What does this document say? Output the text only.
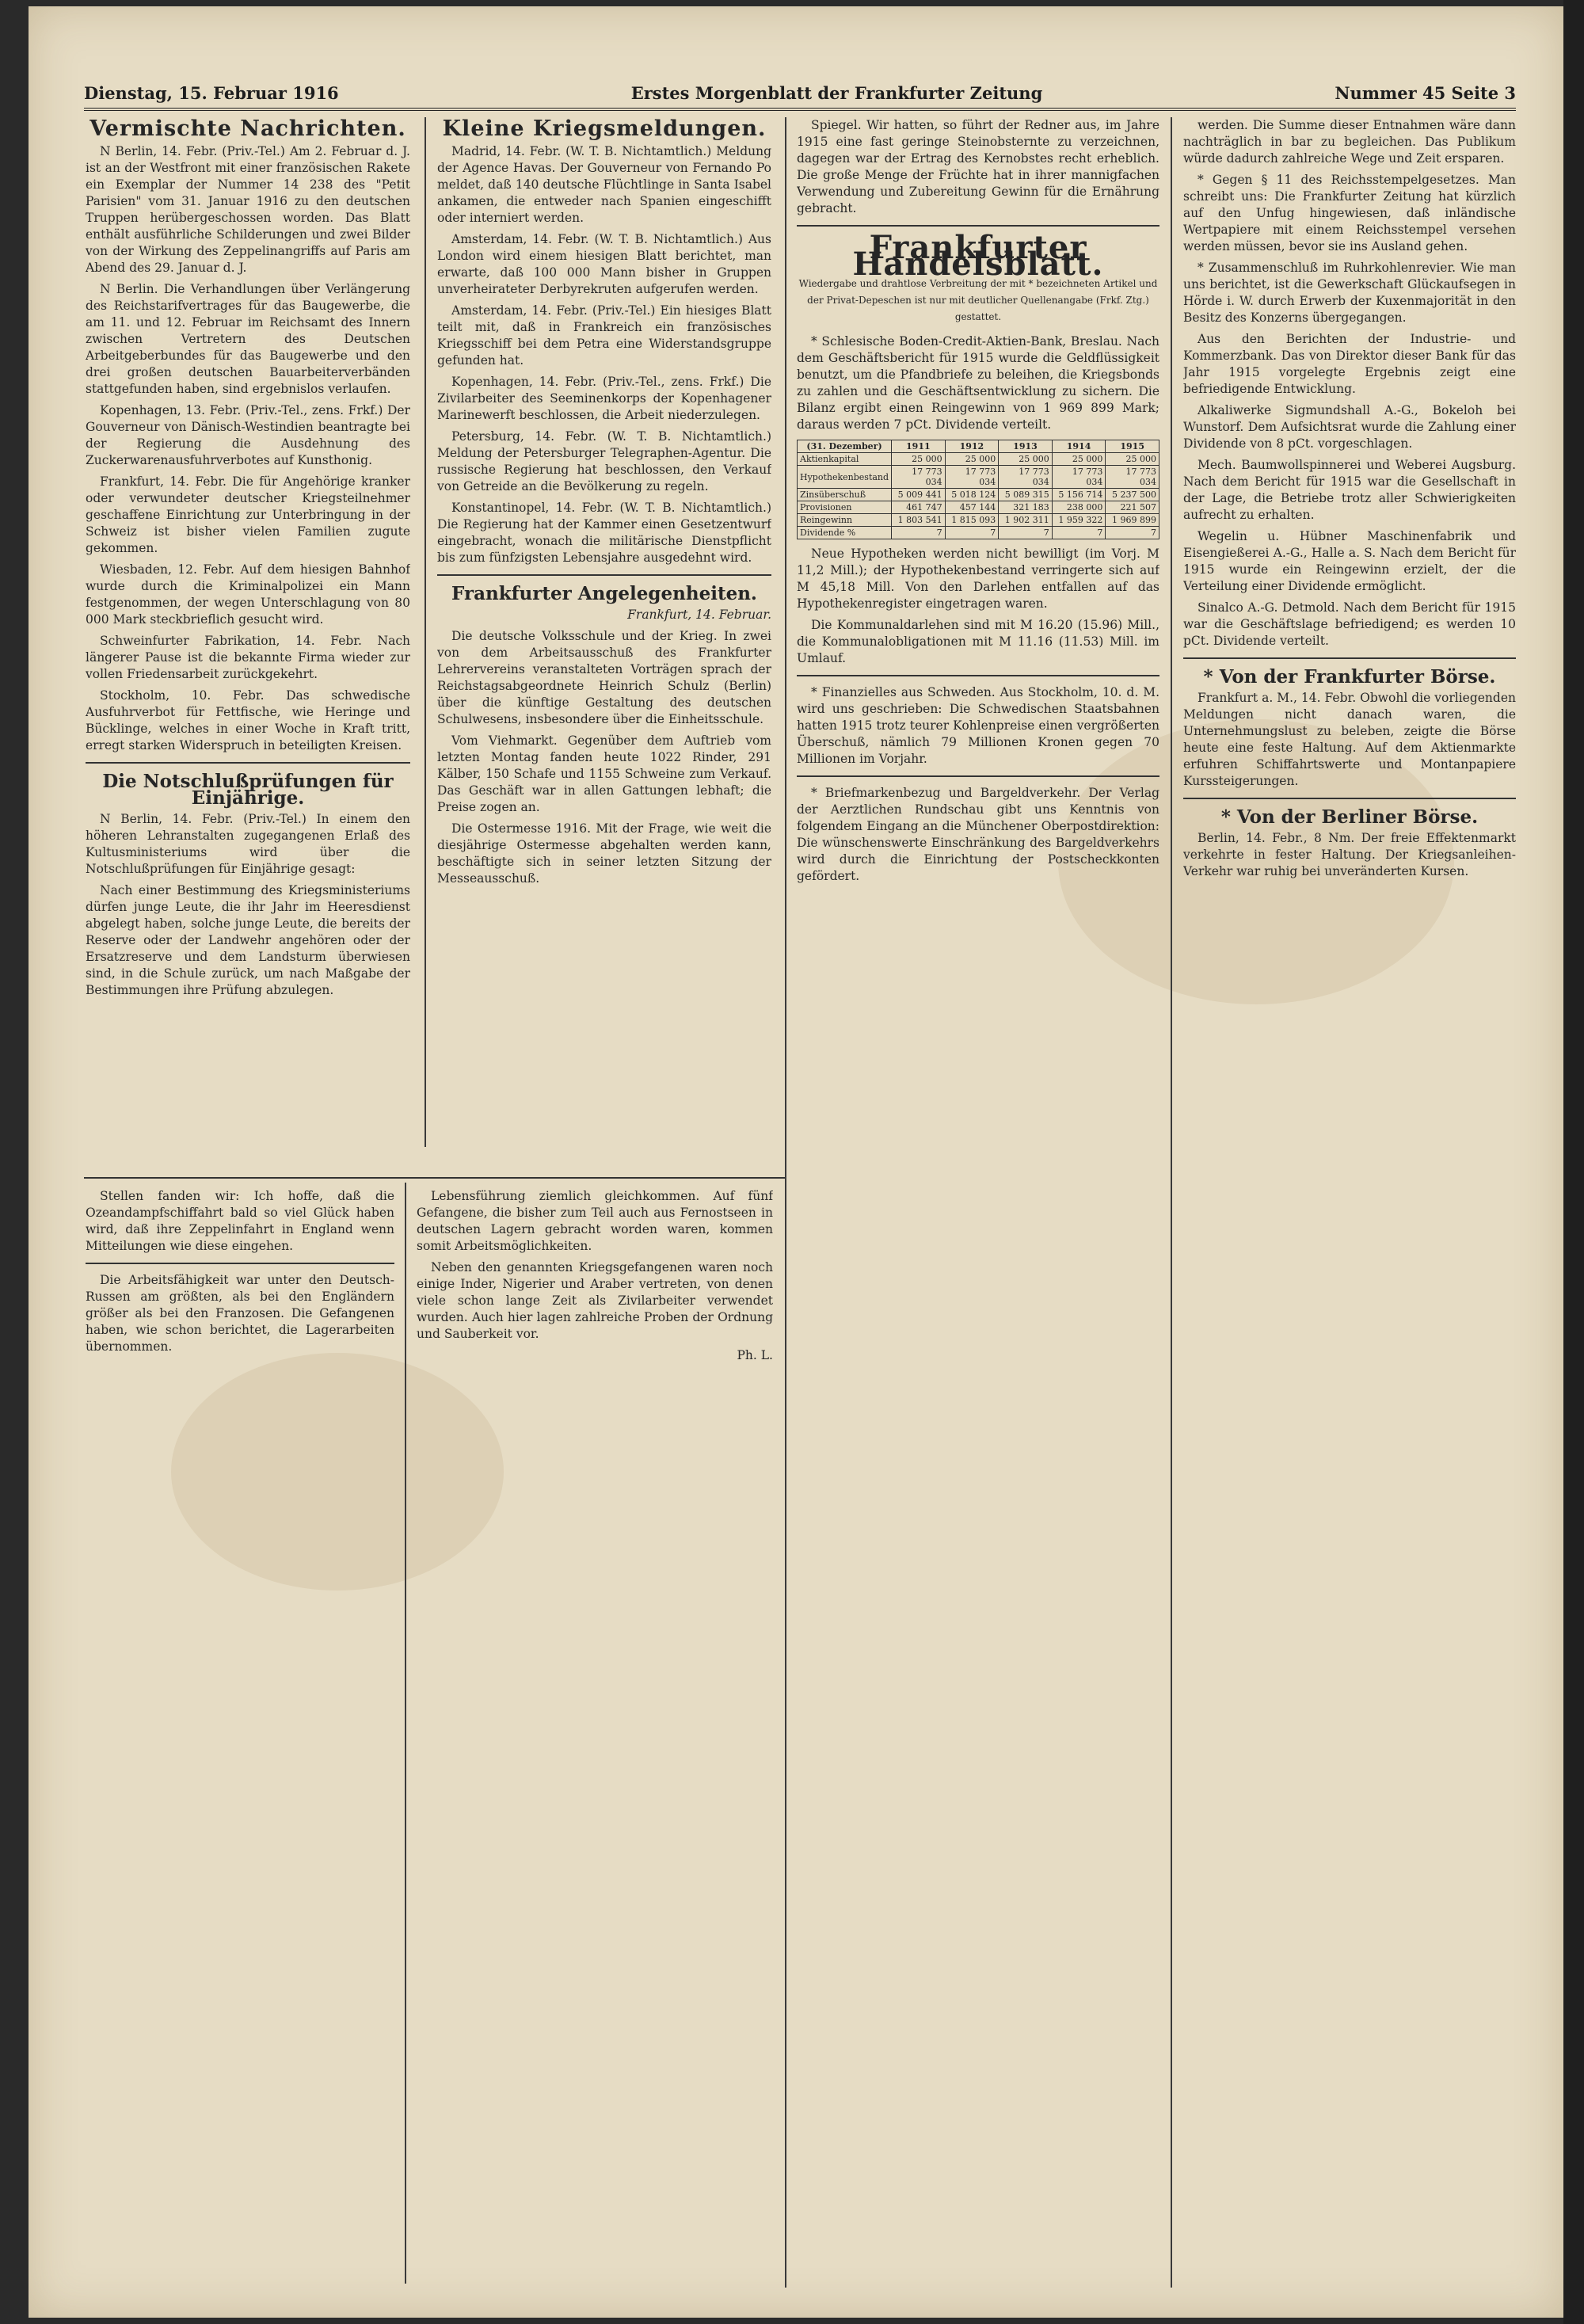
Dienstag, 15. Februar 1916	Erstes Morgenblatt der Frankfurter Zeitung	Nummer 45 Seite 3
Vermischte Nachrichten.

N Berlin, 14. Febr. (Priv.-Tel.) Am 2. Februar d. J. ist an der Westfront mit einer französischen Rakete ein Exemplar der Nummer 14 238 des "Petit Parisien" vom 31. Januar 1916 zu den deutschen Truppen herübergeschossen worden. Das Blatt enthält ausführliche Schilderungen und zwei Bilder von der Wirkung des Zeppelinangriffs auf Paris am Abend des 29. Januar d. J.

N Berlin. Die Verhandlungen über Verlängerung des Reichstarifvertrages für das Baugewerbe, die am 11. und 12. Februar im Reichsamt des Innern zwischen Vertretern des Deutschen Arbeitgeberbundes für das Baugewerbe und den drei großen deutschen Bauarbeiterverbänden stattgefunden haben, sind ergebnislos verlaufen.

Kopenhagen, 13. Febr. (Priv.-Tel., zens. Frkf.) Der Gouverneur von Dänisch-Westindien beantragte bei der Regierung die Ausdehnung des Zuckerwarenausfuhrverbotes auf Kunsthonig.

Frankfurt, 14. Febr. Die für Angehörige kranker oder verwundeter deutscher Kriegsteilnehmer geschaffene Einrichtung zur Unterbringung in der Schweiz ist bisher vielen Familien zugute gekommen.

Wiesbaden, 12. Febr. Auf dem hiesigen Bahnhof wurde durch die Kriminalpolizei ein Mann festgenommen, der wegen Unterschlagung von 80 000 Mark steckbrieflich gesucht wird.

Schweinfurter Fabrikation, 14. Febr. Nach längerer Pause ist die bekannte Firma wieder zur vollen Friedensarbeit zurückgekehrt.

Stockholm, 10. Febr. Das schwedische Ausfuhrverbot für Fettfische, wie Heringe und Bücklinge, welches in einer Woche in Kraft tritt, erregt starken Widerspruch in beteiligten Kreisen.

Die Notschlußprüfungen für Einjährige.

N Berlin, 14. Febr. (Priv.-Tel.) In einem den höheren Lehranstalten zugegangenen Erlaß des Kultusministeriums wird über die Notschlußprüfungen für Einjährige gesagt:

Nach einer Bestimmung des Kriegsministeriums dürfen junge Leute, die ihr Jahr im Heeresdienst abgelegt haben, solche junge Leute, die bereits der Reserve oder der Landwehr angehören oder der Ersatzreserve und dem Landsturm überwiesen sind, in die Schule zurück, um nach Maßgabe der Bestimmungen ihre Prüfung abzulegen.

Kleine Kriegsmeldungen.

Madrid, 14. Febr. (W. T. B. Nichtamtlich.) Meldung der Agence Havas. Der Gouverneur von Fernando Po meldet, daß 140 deutsche Flüchtlinge in Santa Isabel ankamen, die entweder nach Spanien eingeschifft oder interniert werden.

Amsterdam, 14. Febr. (W. T. B. Nichtamtlich.) Aus London wird einem hiesigen Blatt berichtet, man erwarte, daß 100 000 Mann bisher in Gruppen unverheirateter Derbyrekruten aufgerufen werden.

Amsterdam, 14. Febr. (Priv.-Tel.) Ein hiesiges Blatt teilt mit, daß in Frankreich ein französisches Kriegsschiff bei dem Petra eine Widerstandsgruppe gefunden hat.

Kopenhagen, 14. Febr. (Priv.-Tel., zens. Frkf.) Die Zivilarbeiter des Seeminenkorps der Kopenhagener Marinewerft beschlossen, die Arbeit niederzulegen.

Petersburg, 14. Febr. (W. T. B. Nichtamtlich.) Meldung der Petersburger Telegraphen-Agentur. Die russische Regierung hat beschlossen, den Verkauf von Getreide an die Bevölkerung zu regeln.

Konstantinopel, 14. Febr. (W. T. B. Nichtamtlich.) Die Regierung hat der Kammer einen Gesetzentwurf eingebracht, wonach die militärische Dienstpflicht bis zum fünfzigsten Lebensjahre ausgedehnt wird.

Frankfurter Angelegenheiten.

Frankfurt, 14. Februar.

Die deutsche Volksschule und der Krieg. In zwei von dem Arbeitsausschuß des Frankfurter Lehrervereins veranstalteten Vorträgen sprach der Reichstagsabgeordnete Heinrich Schulz (Berlin) über die künftige Gestaltung des deutschen Schulwesens, insbesondere über die Einheitsschule.

Vom Viehmarkt. Gegenüber dem Auftrieb vom letzten Montag fanden heute 1022 Rinder, 291 Kälber, 150 Schafe und 1155 Schweine zum Verkauf. Das Geschäft war in allen Gattungen lebhaft; die Preise zogen an.

Die Ostermesse 1916. Mit der Frage, wie weit die diesjährige Ostermesse abgehalten werden kann, beschäftigte sich in seiner letzten Sitzung der Messeausschuß.

Stellen fanden wir: Ich hoffe, daß die Ozeandampfschiffahrt bald so viel Glück haben wird, daß ihre Zeppelinfahrt in England wenn Mitteilungen wie diese eingehen.

Die Arbeitsfähigkeit war unter den Deutsch-Russen am größten, als bei den Engländern größer als bei den Franzosen. Die Gefangenen haben, wie schon berichtet, die Lagerarbeiten übernommen.

Lebensführung ziemlich gleichkommen. Auf fünf Gefangene, die bisher zum Teil auch aus Fernostseen in deutschen Lagern gebracht worden waren, kommen somit Arbeitsmöglichkeiten.

Neben den genannten Kriegsgefangenen waren noch einige Inder, Nigerier und Araber vertreten, von denen viele schon lange Zeit als Zivilarbeiter verwendet wurden. Auch hier lagen zahlreiche Proben der Ordnung und Sauberkeit vor.

Ph. L.

Spiegel. Wir hatten, so führt der Redner aus, im Jahre 1915 eine fast geringe Steinobsternte zu verzeichnen, dagegen war der Ertrag des Kernobstes recht erheblich. Die große Menge der Früchte hat in ihrer mannigfachen Verwendung und Zubereitung Gewinn für die Ernährung gebracht.

Frankfurter Handelsblatt.
Wiedergabe und drahtlose Verbreitung der mit * bezeichneten Artikel und der Privat-Depeschen ist nur mit deutlicher Quellenangabe (Frkf. Ztg.) gestattet.

* Schlesische Boden-Credit-Aktien-Bank, Breslau. Nach dem Geschäftsbericht für 1915 wurde die Geldflüssigkeit benutzt, um die Pfandbriefe zu beleihen, die Kriegsbonds zu zahlen und die Geschäftsentwicklung zu sichern. Die Bilanz ergibt einen Reingewinn von 1 969 899 Mark; daraus werden 7 pCt. Dividende verteilt.

(31. Dezember)	1911	1912	1913	1914	1915
Aktienkapital	25 000	25 000	25 000	25 000	25 000
Hypothekenbestand	17 773 034	17 773 034	17 773 034	17 773 034	17 773 034
Zinsüberschuß	5 009 441	5 018 124	5 089 315	5 156 714	5 237 500
Provisionen	461 747	457 144	321 183	238 000	221 507
Reingewinn	1 803 541	1 815 093	1 902 311	1 959 322	1 969 899
Dividende %	7	7	7	7	7

Neue Hypotheken werden nicht bewilligt (im Vorj. M 11,2 Mill.); der Hypothekenbestand verringerte sich auf M 45,18 Mill. Von den Darlehen entfallen auf das Hypothekenregister eingetragen waren.

Die Kommunaldarlehen sind mit M 16.20 (15.96) Mill., die Kommunalobligationen mit M 11.16 (11.53) Mill. im Umlauf.

* Finanzielles aus Schweden. Aus Stockholm, 10. d. M. wird uns geschrieben: Die Schwedischen Staatsbahnen hatten 1915 trotz teurer Kohlenpreise einen vergrößerten Überschuß, nämlich 79 Millionen Kronen gegen 70 Millionen im Vorjahr.

* Briefmarkenbezug und Bargeldverkehr. Der Verlag der Aerztlichen Rundschau gibt uns Kenntnis von folgendem Eingang an die Münchener Oberpostdirektion: Die wünschenswerte Einschränkung des Bargeldverkehrs wird durch die Einrichtung der Postscheckkonten gefördert.

werden. Die Summe dieser Entnahmen wäre dann nachträglich in bar zu begleichen. Das Publikum würde dadurch zahlreiche Wege und Zeit ersparen.

* Gegen § 11 des Reichsstempelgesetzes. Man schreibt uns: Die Frankfurter Zeitung hat kürzlich auf den Unfug hingewiesen, daß inländische Wertpapiere mit einem Reichsstempel versehen werden müssen, bevor sie ins Ausland gehen.

* Zusammenschluß im Ruhrkohlenrevier. Wie man uns berichtet, ist die Gewerkschaft Glückaufsegen in Hörde i. W. durch Erwerb der Kuxenmajorität in den Besitz des Konzerns übergegangen.

Aus den Berichten der Industrie- und Kommerzbank. Das von Direktor dieser Bank für das Jahr 1915 vorgelegte Ergebnis zeigt eine befriedigende Entwicklung.

Alkaliwerke Sigmundshall A.-G., Bokeloh bei Wunstorf. Dem Aufsichtsrat wurde die Zahlung einer Dividende von 8 pCt. vorgeschlagen.

Mech. Baumwollspinnerei und Weberei Augsburg. Nach dem Bericht für 1915 war die Gesellschaft in der Lage, die Betriebe trotz aller Schwierigkeiten aufrecht zu erhalten.

Wegelin u. Hübner Maschinenfabrik und Eisengießerei A.-G., Halle a. S. Nach dem Bericht für 1915 wurde ein Reingewinn erzielt, der die Verteilung einer Dividende ermöglicht.

Sinalco A.-G. Detmold. Nach dem Bericht für 1915 war die Geschäftslage befriedigend; es werden 10 pCt. Dividende verteilt.

* Von der Frankfurter Börse.

Frankfurt a. M., 14. Febr. Obwohl die vorliegenden Meldungen nicht danach waren, die Unternehmungslust zu beleben, zeigte die Börse heute eine feste Haltung. Auf dem Aktienmarkte erfuhren Schiffahrtswerte und Montanpapiere Kurssteigerungen.

* Von der Berliner Börse.

Berlin, 14. Febr., 8 Nm. Der freie Effektenmarkt verkehrte in fester Haltung. Der Kriegsanleihen-Verkehr war ruhig bei unveränderten Kursen.
